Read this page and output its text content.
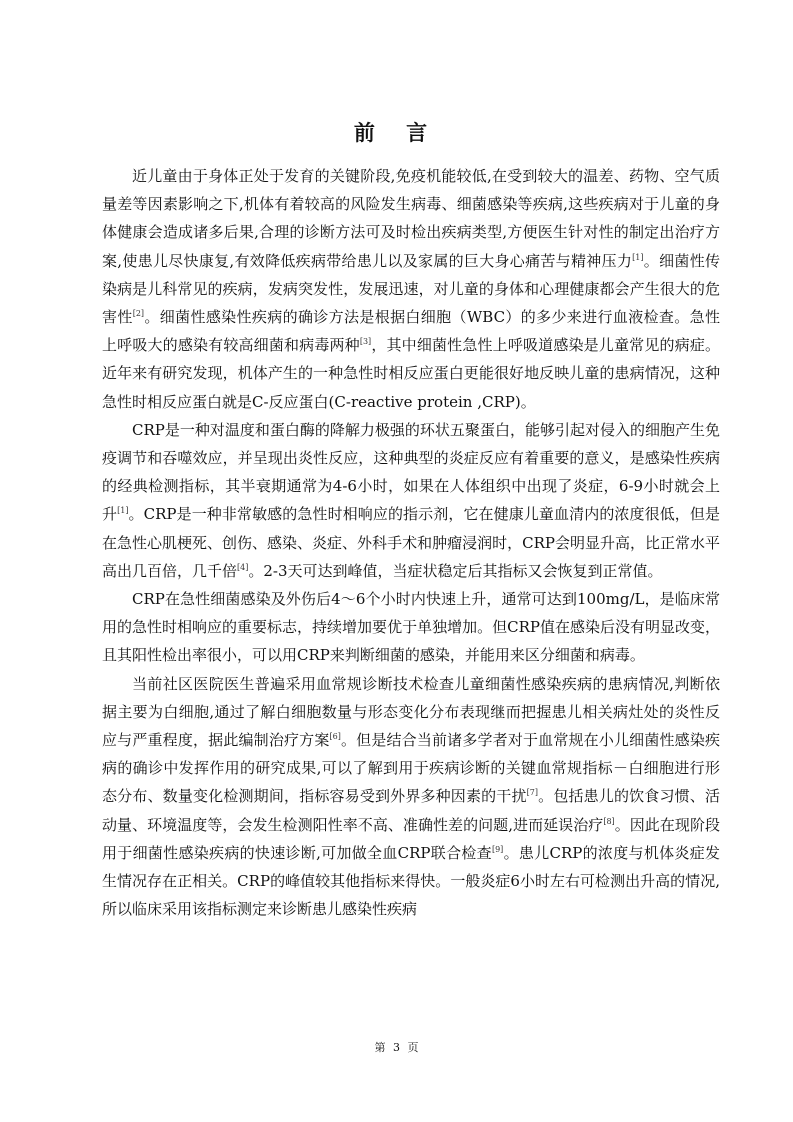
前 言

近儿童由于身体正处于发育的关键阶段,免疫机能较低,在受到较大的温差、药物、空气质量差等因素影响之下,机体有着较高的风险发生病毒、细菌感染等疾病,这些疾病对于儿童的身体健康会造成诸多后果,合理的诊断方法可及时检出疾病类型,方便医生针对性的制定出治疗方案,使患儿尽快康复,有效降低疾病带给患儿以及家属的巨大身心痛苦与精神压力[1]。细菌性传染病是儿科常见的疾病，发病突发性，发展迅速，对儿童的身体和心理健康都会产生很大的危害性[2]。细菌性感染性疾病的确诊方法是根据白细胞（WBC）的多少来进行血液检查。急性上呼吸大的感染有较高细菌和病毒两种[3]，其中细菌性急性上呼吸道感染是儿童常见的病症。近年来有研究发现，机体产生的一种急性时相反应蛋白更能很好地反映儿童的患病情况，这种急性时相反应蛋白就是C-反应蛋白(C-reactive protein ,CRP)。

CRP是一种对温度和蛋白酶的降解力极强的环状五聚蛋白，能够引起对侵入的细胞产生免疫调节和吞噬效应，并呈现出炎性反应，这种典型的炎症反应有着重要的意义，是感染性疾病的经典检测指标，其半衰期通常为4-6小时，如果在人体组织中出现了炎症，6-9小时就会上升[1]。CRP是一种非常敏感的急性时相响应的指示剂，它在健康儿童血清内的浓度很低，但是在急性心肌梗死、创伤、感染、炎症、外科手术和肿瘤浸润时，CRP会明显升高，比正常水平高出几百倍，几千倍[4]。2-3天可达到峰值，当症状稳定后其指标又会恢复到正常值。

CRP在急性细菌感染及外伤后4～6个小时内快速上升，通常可达到100mg/L，是临床常用的急性时相响应的重要标志，持续增加要优于单独增加。但CRP值在感染后没有明显改变，且其阳性检出率很小，可以用CRP来判断细菌的感染，并能用来区分细菌和病毒。

当前社区医院医生普遍采用血常规诊断技术检查儿童细菌性感染疾病的患病情况,判断依据主要为白细胞,通过了解白细胞数量与形态变化分布表现继而把握患儿相关病灶处的炎性反应与严重程度，据此编制治疗方案[6]。但是结合当前诸多学者对于血常规在小儿细菌性感染疾病的确诊中发挥作用的研究成果,可以了解到用于疾病诊断的关键血常规指标－白细胞进行形态分布、数量变化检测期间，指标容易受到外界多种因素的干扰[7]。包括患儿的饮食习惯、活动量、环境温度等，会发生检测阳性率不高、准确性差的问题,进而延误治疗[8]。因此在现阶段用于细菌性感染疾病的快速诊断,可加做全血CRP联合检查[9]。患儿CRP的浓度与机体炎症发生情况存在正相关。CRP的峰值较其他指标来得快。一般炎症6小时左右可检测出升高的情况,所以临床采用该指标测定来诊断患儿感染性疾病

第 3 页
